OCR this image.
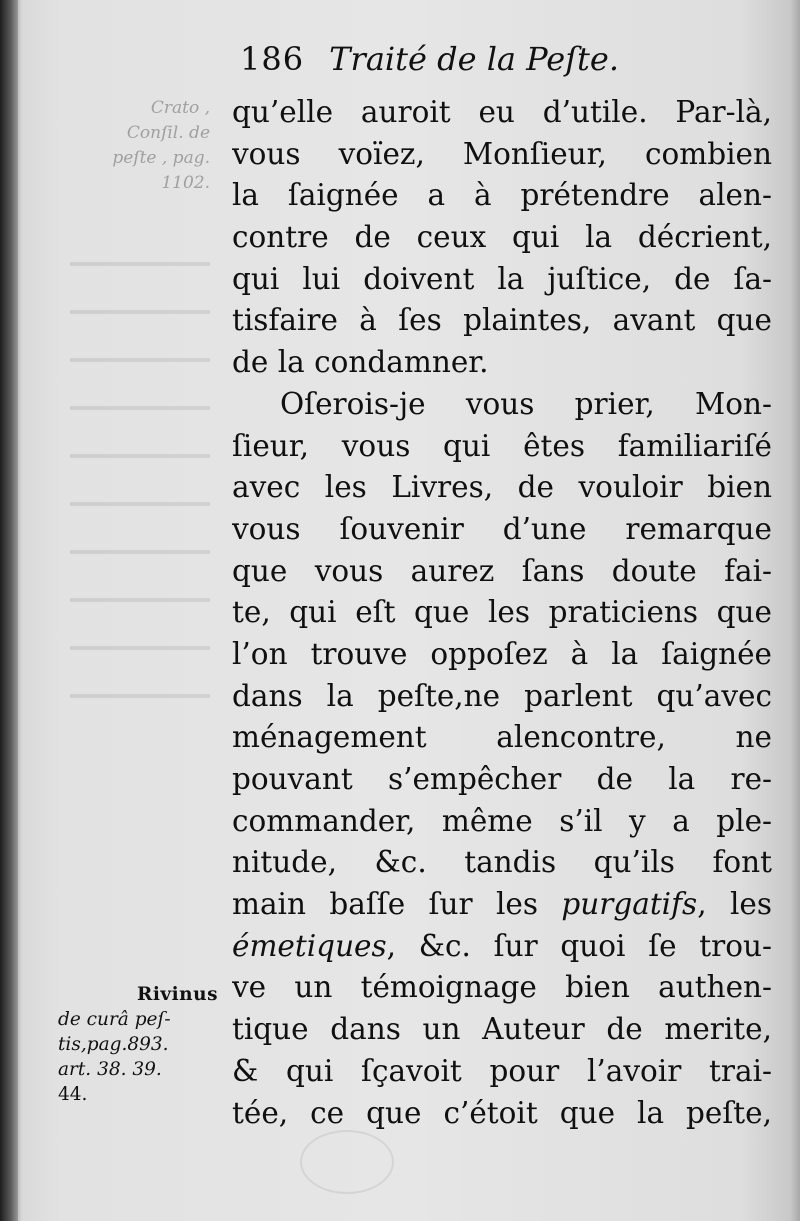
186 Traité de la Peſte.
Crato ,
Conſil. de
peſte , pag.
1102.
qu’elle auroit eu d’utile. Par-là,
vous voïez, Monſieur, combien
la ſaignée a à prétendre alen-
contre de ceux qui la décrient,
qui lui doivent la juſtice, de ſa-
tisfaire à ſes plaintes, avant que
de la condamner.
Oſerois-je vous prier, Mon-
ſieur, vous qui êtes familiariſé
avec les Livres, de vouloir bien
vous ſouvenir d’une remarque
que vous aurez ſans doute fai-
te, qui eſt que les praticiens que
l’on trouve oppoſez à la ſaignée
dans la peſte,ne parlent qu’avec
ménagement alencontre, ne
pouvant s’empêcher de la re-
commander, même s’il y a ple-
nitude, &c. tandis qu’ils font
main baſſe ſur les purgatifs, les
émetiques, &c. ſur quoi ſe trou-
ve un témoignage bien authen-
tique dans un Auteur de merite,
& qui ſçavoit pour l’avoir trai-
tée, ce que c’étoit que la peſte,
Rivinus
de curâ peſ-
tis,pag.893.
art. 38. 39.
44.
